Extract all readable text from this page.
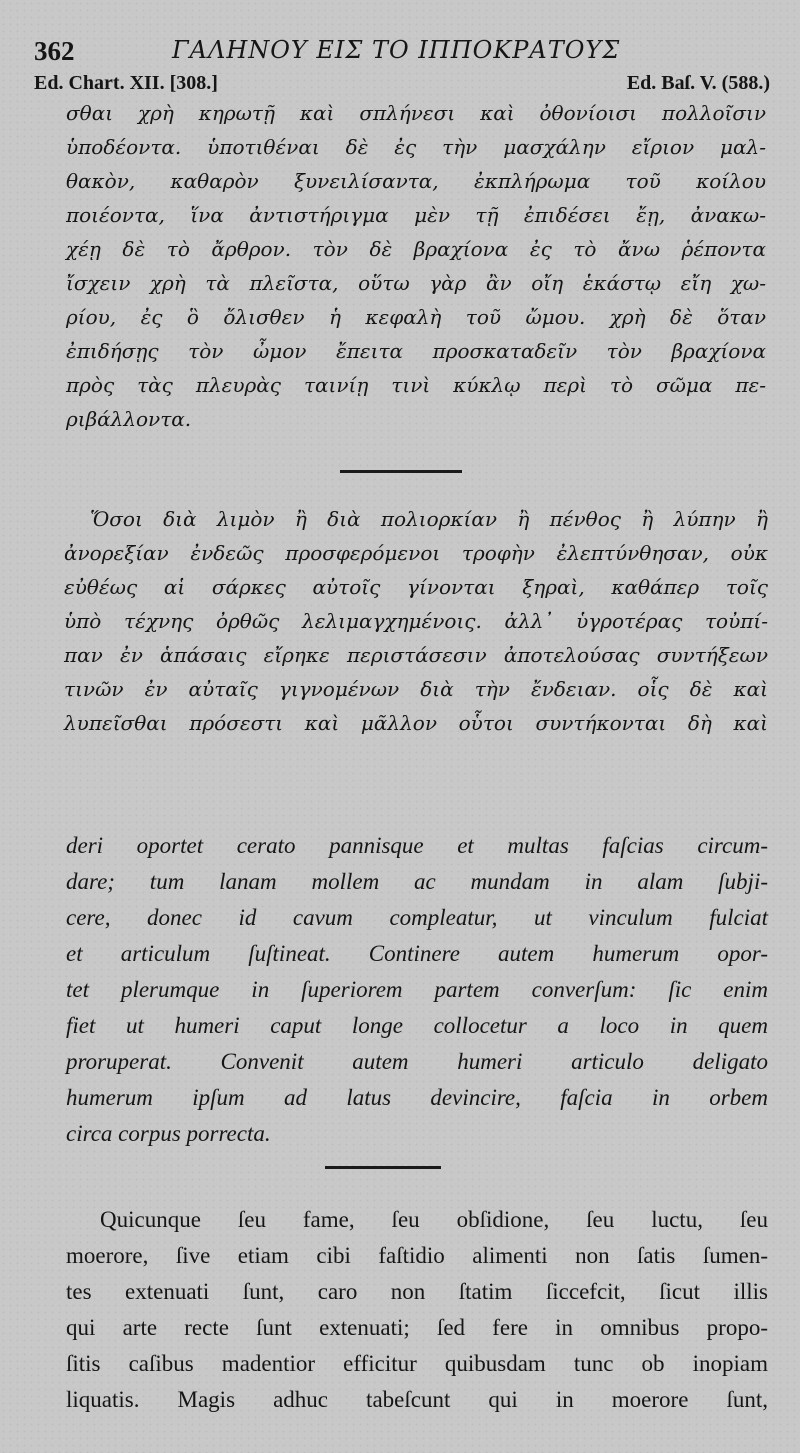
362	ΓΑΛΗΝΟΥ ΕΙΣ ΤΟ ΙΠΠΟΚΡΑΤΟΥΣ
Ed. Chart. XII. [308.]	Ed. Baſ. V. (588.)
σθαι χρὴ κηρωτῇ καὶ σπλήνεσι καὶ ὀθονίοισι πολλοῖσιν
ὑποδέοντα. ὑποτιθέναι δὲ ἐς τὴν μασχάλην εἴριον μαλ-
θακὸν, καθαρὸν ξυνειλίσαντα, ἐκπλήρωμα τοῦ κοίλου
ποιέοντα, ἵνα ἀντιστήριγμα μὲν τῇ ἐπιδέσει ἔῃ, ἀνακω-
χέῃ δὲ τὸ ἄρθρον. τὸν δὲ βραχίονα ἐς τὸ ἄνω ῥέποντα
ἴσχειν χρὴ τὰ πλεῖστα, οὕτω γὰρ ἂν οἴη ἑκάστῳ εἴη χω-
ρίου, ἐς ὃ ὄλισθεν ἡ κεφαλὴ τοῦ ὤμου. χρὴ δὲ ὅταν
ἐπιδήσῃς τὸν ὦμον ἔπειτα προσκαταδεῖν τὸν βραχίονα
πρὸς τὰς πλευρὰς ταινίῃ τινὶ κύκλῳ περὶ τὸ σῶμα πε-
ριβάλλοντα.
Ὅσοι διὰ λιμὸν ἢ διὰ πολιορκίαν ἢ πένθος ἢ λύπην ἢ
ἀνορεξίαν ἐνδεῶς προσφερόμενοι τροφὴν ἐλεπτύνθησαν, οὐκ
εὐθέως αἱ σάρκες αὐτοῖς γίνονται ξηραὶ, καθάπερ τοῖς
ὑπὸ τέχνης ὀρθῶς λελιμαγχημένοις. ἀλλ᾽ ὑγροτέρας τοὐπί-
παν ἐν ἁπάσαις εἴρηκε περιστάσεσιν ἀποτελούσας συντήξεων
τινῶν ἐν αὐταῖς γιγνομένων διὰ τὴν ἔνδειαν. οἷς δὲ καὶ
λυπεῖσθαι πρόσεστι καὶ μᾶλλον οὗτοι συντήκονται δὴ καὶ
deri oportet cerato pannisque et multas faſcias circum-
dare; tum lanam mollem ac mundam in alam ſubji-
cere, donec id cavum compleatur, ut vinculum fulciat
et articulum ſuſtineat. Continere autem humerum opor-
tet plerumque in ſuperiorem partem converſum: ſic enim
fiet ut humeri caput longe collocetur a loco in quem
proruperat. Convenit autem humeri articulo deligato
humerum ipſum ad latus devincire, faſcia in orbem
circa corpus porrecta.
Quicunque ſeu fame, ſeu obſidione, ſeu luctu, ſeu
moerore, ſive etiam cibi faſtidio alimenti non ſatis ſumen-
tes extenuati ſunt, caro non ſtatim ſiccefcit, ſicut illis
qui arte recte ſunt extenuati; ſed fere in omnibus propo-
ſitis caſibus madentior efficitur quibusdam tunc ob inopiam
liquatis. Magis adhuc tabeſcunt qui in moerore ſunt,
